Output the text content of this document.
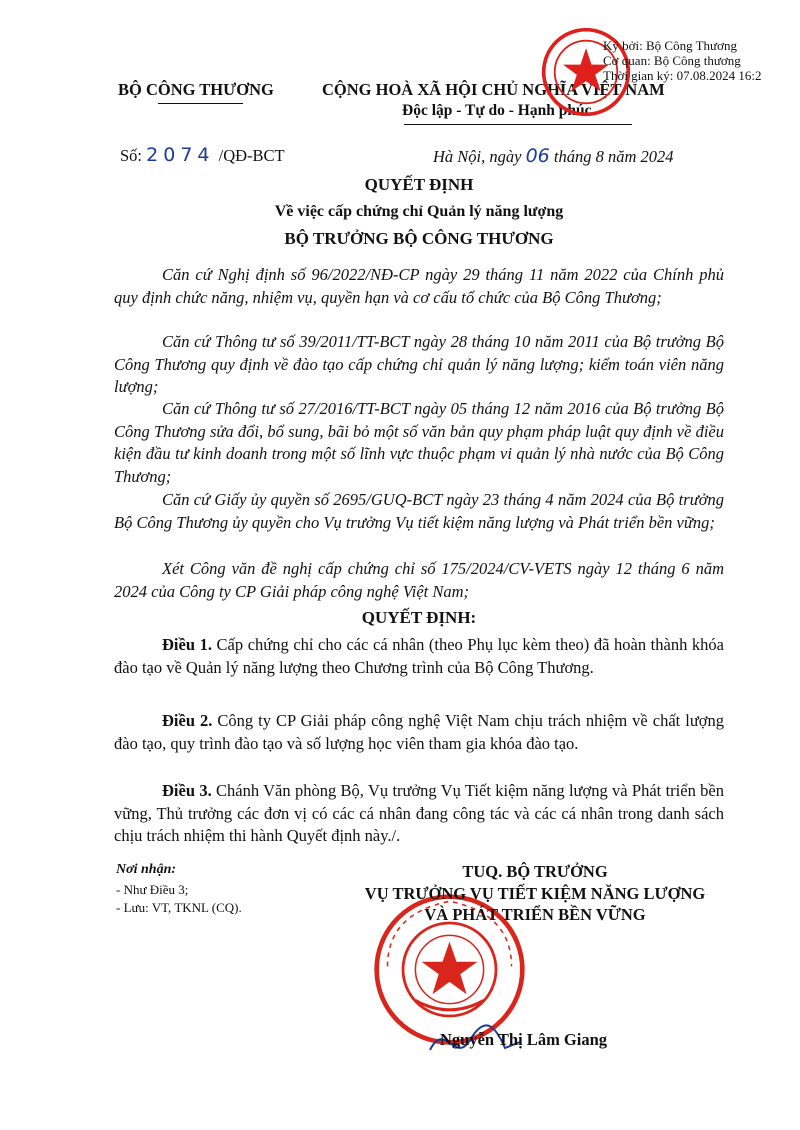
BỘ CÔNG THƯƠNG	CỘNG HOÀ XÃ HỘI CHỦ NGHĨA VIỆT NAM
Độc lập - Tự do - Hạnh phúc
Số: 2074 /QĐ-BCT	Hà Nội, ngày 06 tháng 8 năm 2024
Ký bởi: Bộ Công Thương
Cơ quan: Bộ Công thương
Thời gian ký: 07.08.2024 16:2
QUYẾT ĐỊNH
Về việc cấp chứng chỉ Quản lý năng lượng
BỘ TRƯỞNG BỘ CÔNG THƯƠNG
Căn cứ Nghị định số 96/2022/NĐ-CP ngày 29 tháng 11 năm 2022 của Chính phủ quy định chức năng, nhiệm vụ, quyền hạn và cơ cấu tổ chức của Bộ Công Thương;
Căn cứ Thông tư số 39/2011/TT-BCT ngày 28 tháng 10 năm 2011 của Bộ trưởng Bộ Công Thương quy định về đào tạo cấp chứng chỉ quản lý năng lượng; kiểm toán viên năng lượng;
Căn cứ Thông tư số 27/2016/TT-BCT ngày 05 tháng 12 năm 2016 của Bộ trưởng Bộ Công Thương sửa đổi, bổ sung, bãi bỏ một số văn bản quy phạm pháp luật quy định về điều kiện đầu tư kinh doanh trong một số lĩnh vực thuộc phạm vi quản lý nhà nước của Bộ Công Thương;
Căn cứ Giấy ủy quyền số 2695/GUQ-BCT ngày 23 tháng 4 năm 2024 của Bộ trưởng Bộ Công Thương ủy quyền cho Vụ trưởng Vụ tiết kiệm năng lượng và Phát triển bền vững;
Xét Công văn đề nghị cấp chứng chỉ số 175/2024/CV-VETS ngày 12 tháng 6 năm 2024 của Công ty CP Giải pháp công nghệ Việt Nam;
QUYẾT ĐỊNH:
Điều 1. Cấp chứng chỉ cho các cá nhân (theo Phụ lục kèm theo) đã hoàn thành khóa đào tạo về Quản lý năng lượng theo Chương trình của Bộ Công Thương.
Điều 2. Công ty CP Giải pháp công nghệ Việt Nam chịu trách nhiệm về chất lượng đào tạo, quy trình đào tạo và số lượng học viên tham gia khóa đào tạo.
Điều 3. Chánh Văn phòng Bộ, Vụ trưởng Vụ Tiết kiệm năng lượng và Phát triển bền vững, Thủ trưởng các đơn vị có các cá nhân đang công tác và các cá nhân trong danh sách chịu trách nhiệm thi hành Quyết định này./.
Nơi nhận:
- Như Điều 3;
- Lưu: VT, TKNL (CQ).
TUQ. BỘ TRƯỞNG
VỤ TRƯỞNG VỤ TIẾT KIỆM NĂNG LƯỢNG
VÀ PHÁT TRIỂN BỀN VỮNG
Nguyễn Thị Lâm Giang
